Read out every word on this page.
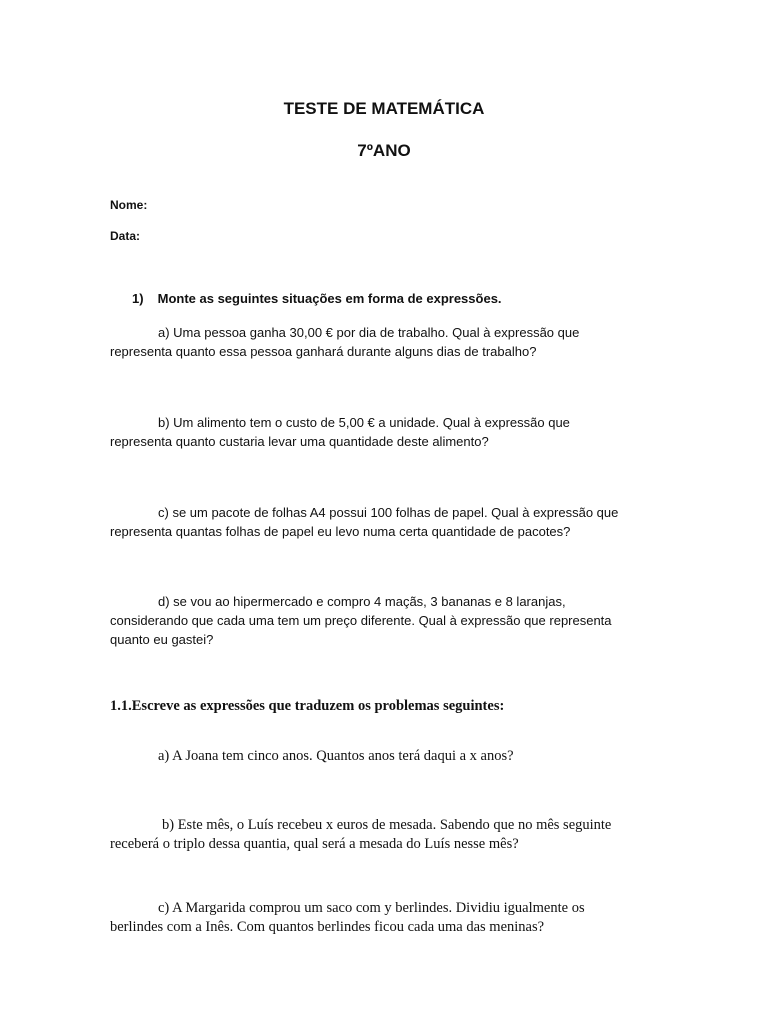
TESTE DE MATEMÁTICA
7ºANO
Nome:
Data:
1) Monte as seguintes situações em forma de expressões.
a) Uma pessoa ganha 30,00 € por dia de trabalho. Qual à expressão que
representa quanto essa pessoa ganhará durante alguns dias de trabalho?
b) Um alimento tem o custo de 5,00 € a unidade. Qual à expressão que
representa quanto custaria levar uma quantidade deste alimento?
c) se um pacote de folhas A4 possui 100 folhas de papel. Qual à expressão que
representa quantas folhas de papel eu levo numa certa quantidade de pacotes?
d) se vou ao hipermercado e compro 4 maçãs, 3 bananas e 8 laranjas,
considerando que cada uma tem um preço diferente. Qual à expressão que representa
quanto eu gastei?
1.1.Escreve as expressões que traduzem os problemas seguintes:
a) A Joana tem cinco anos. Quantos anos terá daqui a x anos?
b) Este mês, o Luís recebeu x euros de mesada. Sabendo que no mês seguinte
receberá o triplo dessa quantia, qual será a mesada do Luís nesse mês?
c) A Margarida comprou um saco com y berlindes. Dividiu igualmente os
berlindes com a Inês. Com quantos berlindes ficou cada uma das meninas?
